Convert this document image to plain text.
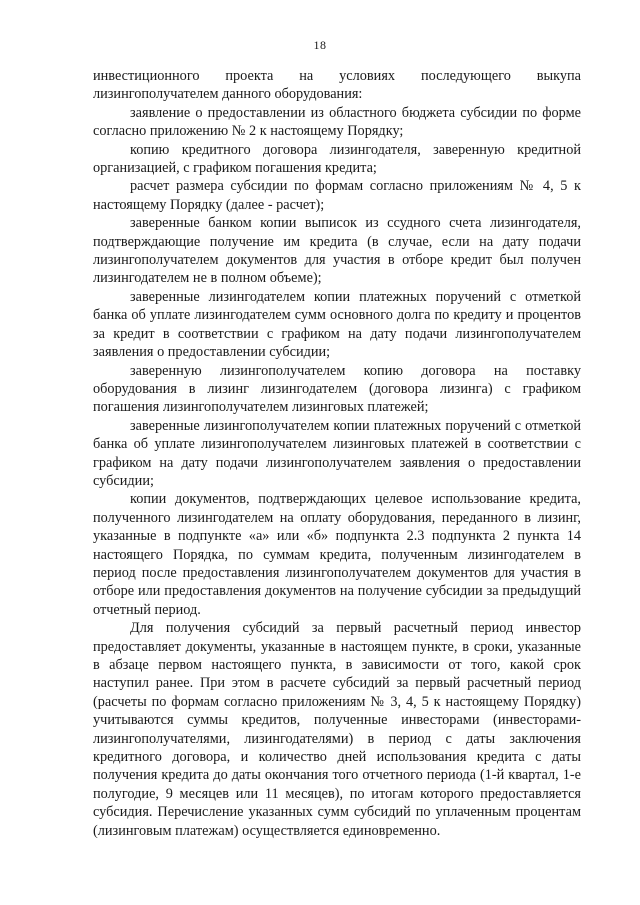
18

инвестиционного проекта на условиях последующего выкупа лизингополучателем данного оборудования:

заявление о предоставлении из областного бюджета субсидии по форме согласно приложению № 2 к настоящему Порядку;

копию кредитного договора лизингодателя, заверенную кредитной организацией, с графиком погашения кредита;

расчет размера субсидии по формам согласно приложениям № 4, 5 к настоящему Порядку (далее - расчет);

заверенные банком копии выписок из ссудного счета лизингодателя, подтверждающие получение им кредита (в случае, если на дату подачи лизингополучателем документов для участия в отборе кредит был получен лизингодателем не в полном объеме);

заверенные лизингодателем копии платежных поручений с отметкой банка об уплате лизингодателем сумм основного долга по кредиту и процентов за кредит в соответствии с графиком на дату подачи лизингополучателем заявления о предоставлении субсидии;

заверенную лизингополучателем копию договора на поставку оборудования в лизинг лизингодателем (договора лизинга) с графиком погашения лизингополучателем лизинговых платежей;

заверенные лизингополучателем копии платежных поручений с отметкой банка об уплате лизингополучателем лизинговых платежей в соответствии с графиком на дату подачи лизингополучателем заявления о предоставлении субсидии;

копии документов, подтверждающих целевое использование кредита, полученного лизингодателем на оплату оборудования, переданного в лизинг, указанные в подпункте «а» или «б» подпункта 2.3 подпункта 2 пункта 14 настоящего Порядка, по суммам кредита, полученным лизингодателем в период после предоставления лизингополучателем документов для участия в отборе или предоставления документов на получение субсидии за предыдущий отчетный период.

Для получения субсидий за первый расчетный период инвестор предоставляет документы, указанные в настоящем пункте, в сроки, указанные в абзаце первом настоящего пункта, в зависимости от того, какой срок наступил ранее. При этом в расчете субсидий за первый расчетный период (расчеты по формам согласно приложениям № 3, 4, 5 к настоящему Порядку) учитываются суммы кредитов, полученные инвесторами (инвесторами-лизингополучателями, лизингодателями) в период с даты заключения кредитного договора, и количество дней использования кредита с даты получения кредита до даты окончания того отчетного периода (1-й квартал, 1-е полугодие, 9 месяцев или 11 месяцев), по итогам которого предоставляется субсидия. Перечисление указанных сумм субсидий по уплаченным процентам (лизинговым платежам) осуществляется единовременно.
